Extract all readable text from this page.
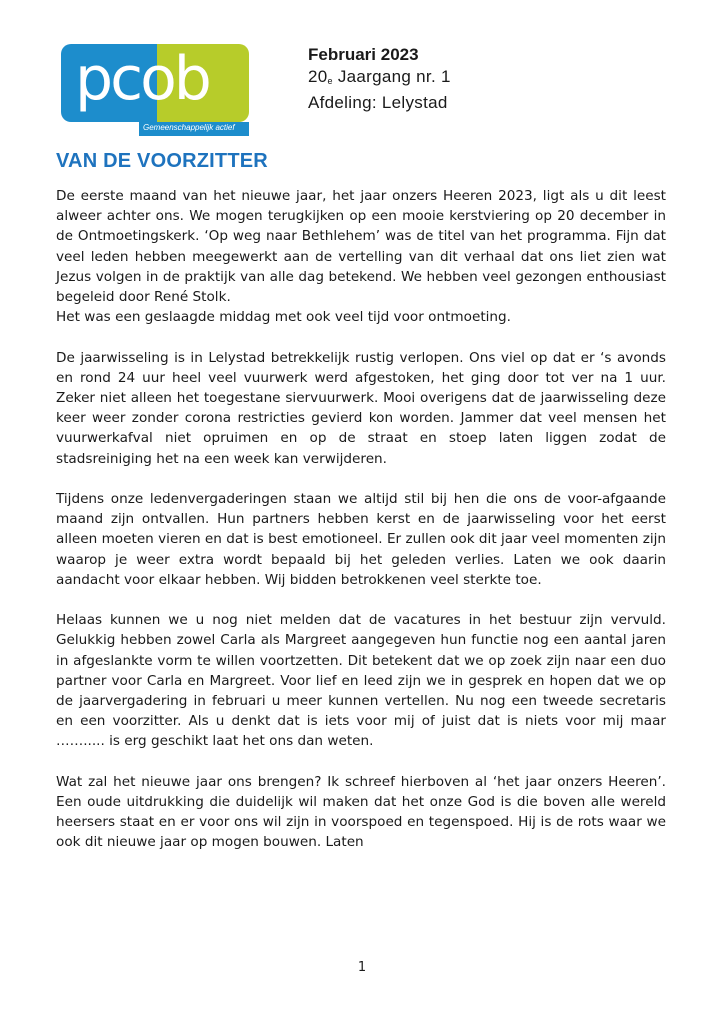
pcob
Gemeenschappelijk actief
Februari 2023
$20_e$ Jaargang nr. 1
Afdeling: Lelystad
VAN DE VOORZITTER
De eerste maand van het nieuwe jaar, het jaar onzers Heeren 2023, ligt als u dit leest alweer achter ons. We mogen terugkijken op een mooie kerstviering op 20 december in de Ontmoetingskerk. ‘Op weg naar Bethlehem’ was de titel van het programma. Fijn dat veel leden hebben meegewerkt aan de vertelling van dit verhaal dat ons liet zien wat Jezus volgen in de praktijk van alle dag betekend. We hebben veel gezongen enthousiast begeleid door René Stolk.

Het was een geslaagde middag met ook veel tijd voor ontmoeting.

De jaarwisseling is in Lelystad betrekkelijk rustig verlopen. Ons viel op dat er ‘s avonds en rond 24 uur heel veel vuurwerk werd afgestoken, het ging door tot ver na 1 uur. Zeker niet alleen het toegestane siervuurwerk. Mooi overigens dat de jaarwisseling deze keer weer zonder corona restricties gevierd kon worden. Jammer dat veel mensen het vuurwerkafval niet opruimen en op de straat en stoep laten liggen zodat de stadsreiniging het na een week kan verwijderen.

Tijdens onze ledenvergaderingen staan we altijd stil bij hen die ons de voor-afgaande maand zijn ontvallen. Hun partners hebben kerst en de jaarwisseling voor het eerst alleen moeten vieren en dat is best emotioneel. Er zullen ook dit jaar veel momenten zijn waarop je weer extra wordt bepaald bij het geleden verlies. Laten we ook daarin aandacht voor elkaar hebben. Wij bidden betrokkenen veel sterkte toe.

Helaas kunnen we u nog niet melden dat de vacatures in het bestuur zijn vervuld. Gelukkig hebben zowel Carla als Margreet aangegeven hun functie nog een aantal jaren in afgeslankte vorm te willen voortzetten. Dit betekent dat we op zoek zijn naar een duo partner voor Carla en Margreet. Voor lief en leed zijn we in gesprek en hopen dat we op de jaarvergadering in februari u meer kunnen vertellen. Nu nog een tweede secretaris en een voorzitter. Als u denkt dat is iets voor mij of juist dat is niets voor mij maar ……..... is erg geschikt laat het ons dan weten.

Wat zal het nieuwe jaar ons brengen? Ik schreef hierboven al ‘het jaar onzers Heeren’. Een oude uitdrukking die duidelijk wil maken dat het onze God is die boven alle wereld heersers staat en er voor ons wil zijn in voorspoed en tegenspoed. Hij is de rots waar we ook dit nieuwe jaar op mogen bouwen. Laten

1
